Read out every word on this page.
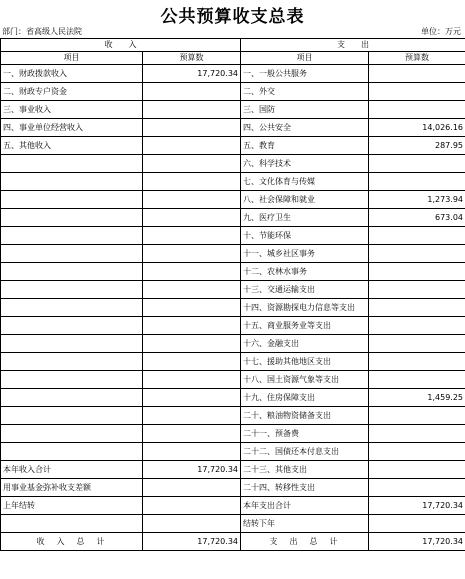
公共预算收支总表
部门：省高级人民法院	单位：万元
收　　入		支　　出	
项目	预算数	项目	预算数
一、财政拨款收入	17,720.34	一、一般公共服务	
二、财政专户资金		二、外交	
三、事业收入		三、国防	
四、事业单位经营收入		四、公共安全	14,026.16
五、其他收入		五、教育	287.95
		六、科学技术	
		七、文化体育与传媒	
		八、社会保障和就业	1,273.94
		九、医疗卫生	673.04
		十、节能环保	
		十一、城乡社区事务	
		十二、农林水事务	
		十三、交通运输支出	
		十四、资源勘探电力信息等支出	
		十五、商业服务业等支出	
		十六、金融支出	
		十七、援助其他地区支出	
		十八、国土资源气象等支出	
		十九、住房保障支出	1,459.25
		二十、粮油物资储备支出	
		二十一、预备费	
		二十二、国债还本付息支出	
本年收入合计	17,720.34	二十三、其他支出	
用事业基金弥补收支差额		二十四、转移性支出	
上年结转		本年支出合计	17,720.34
		结转下年	
收　入　总　计	17,720.34	支　出　总　计	17,720.34
